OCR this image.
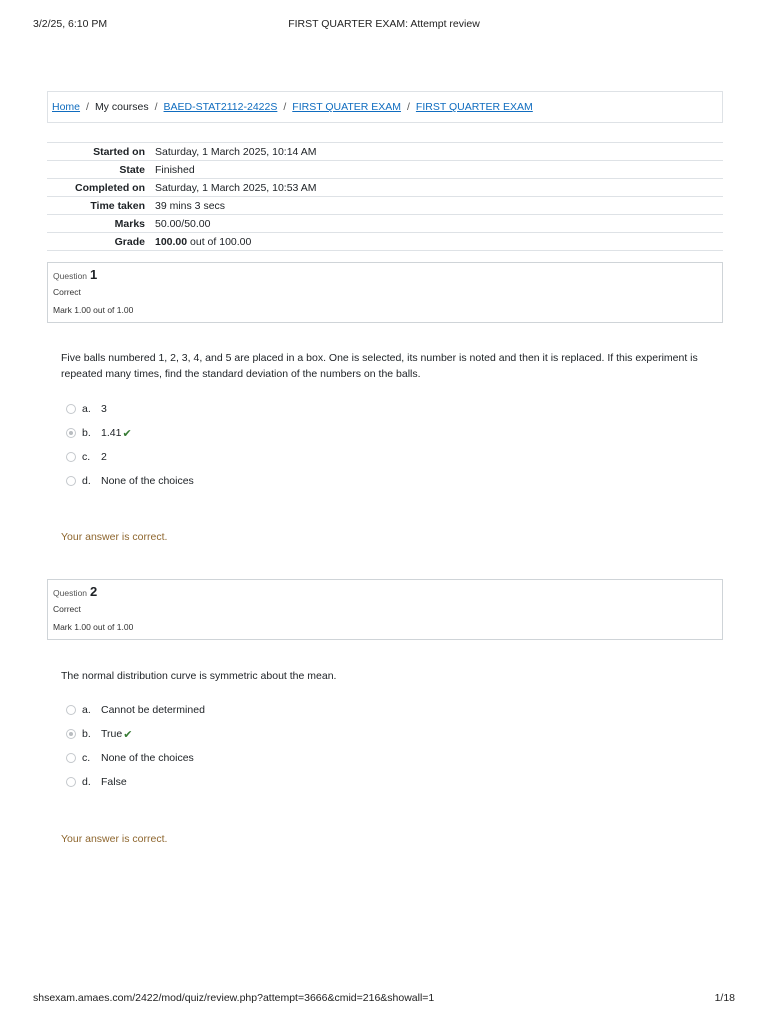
3/2/25, 6:10 PM	FIRST QUARTER EXAM: Attempt review
Home / My courses / BAED-STAT2112-2422S / FIRST QUATER EXAM / FIRST QUARTER EXAM
Started on	Saturday, 1 March 2025, 10:14 AM
State	Finished
Completed on	Saturday, 1 March 2025, 10:53 AM
Time taken	39 mins 3 secs
Marks	50.00/50.00
Grade	100.00 out of 100.00
Question 1
Correct
Mark 1.00 out of 1.00
Five balls numbered 1, 2, 3, 4, and 5 are placed in a box. One is selected, its number is noted and then it is replaced. If this experiment is repeated many times, find the standard deviation of the numbers on the balls.
a. 3
b. 1.41 ✔
c.	2
d. None of the choices
Your answer is correct.
Question 2
Correct
Mark 1.00 out of 1.00
The normal distribution curve is symmetric about the mean.
a. Cannot be determined
b. True ✔
c.	None of the choices
d. False
Your answer is correct.
shsexam.amaes.com/2422/mod/quiz/review.php?attempt=3666&cmid=216&showall=1	1/18
